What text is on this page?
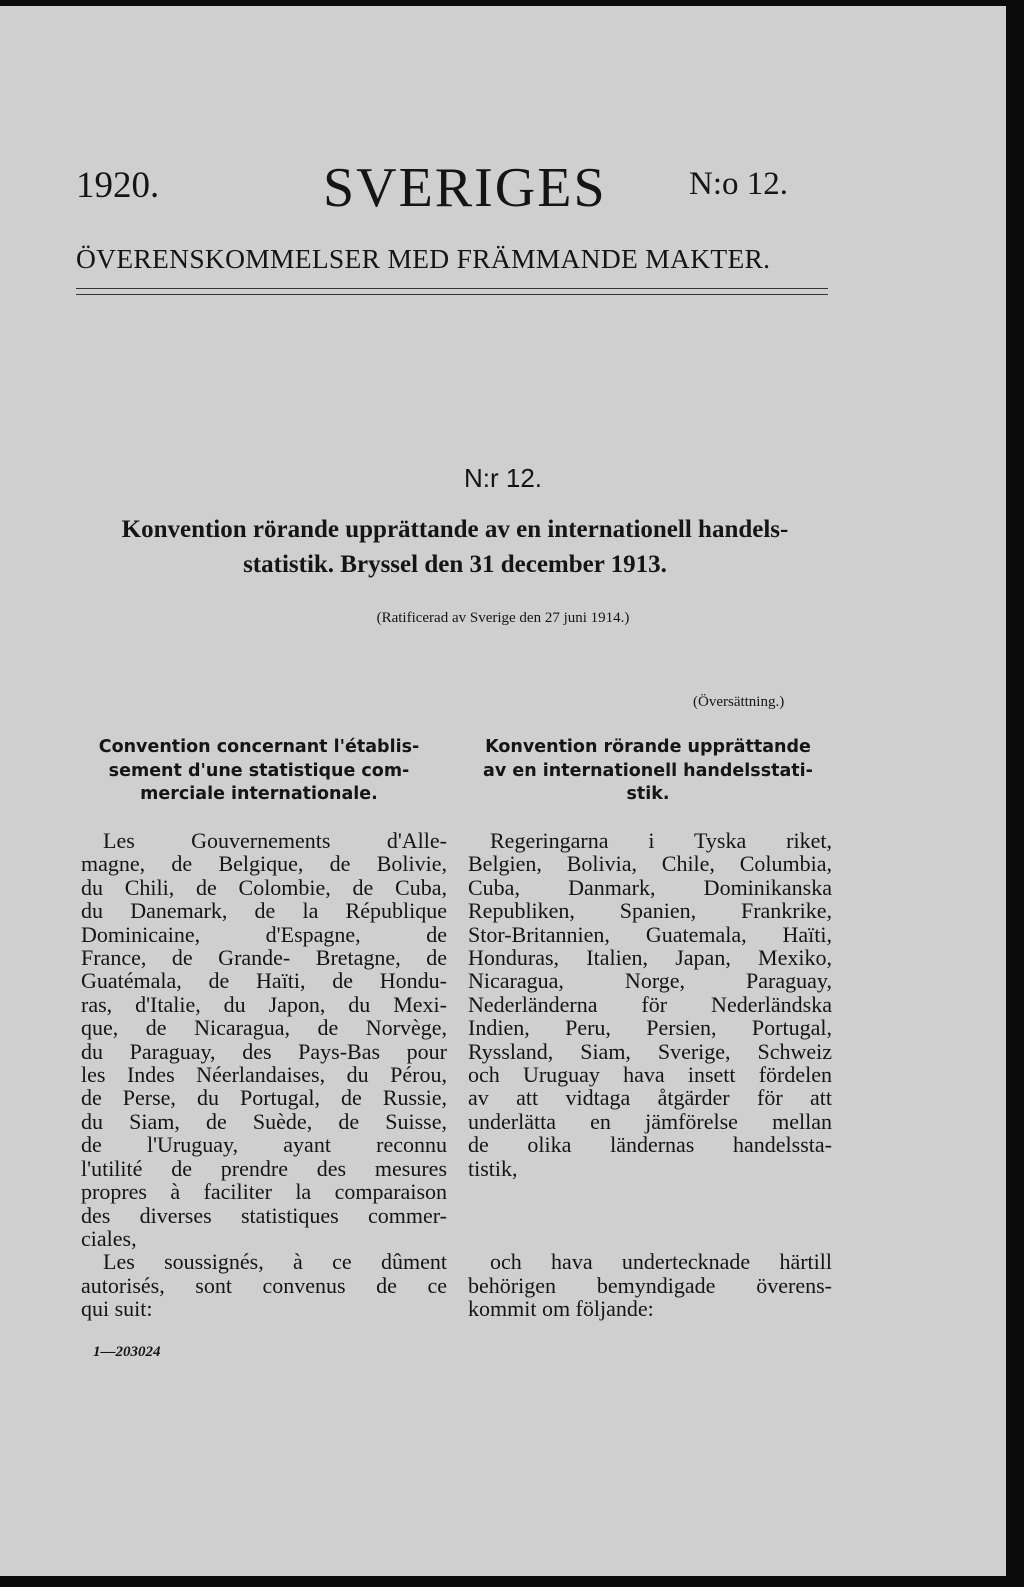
1920.	SVERIGES N:o 12.
ÖVERENSKOMMELSER MED FRÄMMANDE MAKTER.
N:r 12.
Konvention rörande upprättande av en internationell handels-
statistik. Bryssel den 31 december 1913.
(Ratificerad av Sverige den 27 juni 1914.)
(Översättning.)
Convention concernant l'établis-
sement d'une statistique com-
merciale internationale.
Konvention rörande upprättande
av en internationell handelsstati-
stik.
Les Gouvernements d'Alle-
magne, de Belgique, de Bolivie,
du Chili, de Colombie, de Cuba,
du Danemark, de la République
Dominicaine, d'Espagne, de
France, de Grande- Bretagne, de
Guatémala, de Haïti, de Hondu-
ras, d'Italie, du Japon, du Mexi-
que, de Nicaragua, de Norvège,
du Paraguay, des Pays-Bas pour
les Indes Néerlandaises, du Pérou,
de Perse, du Portugal, de Russie,
du Siam, de Suède, de Suisse,
de l'Uruguay, ayant reconnu
l'utilité de prendre des mesures
propres à faciliter la comparaison
des diverses statistiques commer-
ciales,
Les soussignés, à ce dûment
autorisés, sont convenus de ce
qui suit:
Regeringarna i Tyska riket,
Belgien, Bolivia, Chile, Columbia,
Cuba, Danmark, Dominikanska
Republiken, Spanien, Frankrike,
Stor-Britannien, Guatemala, Haïti,
Honduras, Italien, Japan, Mexiko,
Nicaragua, Norge, Paraguay,
Nederländerna för Nederländska
Indien, Peru, Persien, Portugal,
Ryssland, Siam, Sverige, Schweiz
och Uruguay hava insett fördelen
av att vidtaga åtgärder för att
underlätta en jämförelse mellan
de olika ländernas handelssta-
tistik,
och hava undertecknade härtill
behörigen bemyndigade överens-
kommit om följande:
1—203024
